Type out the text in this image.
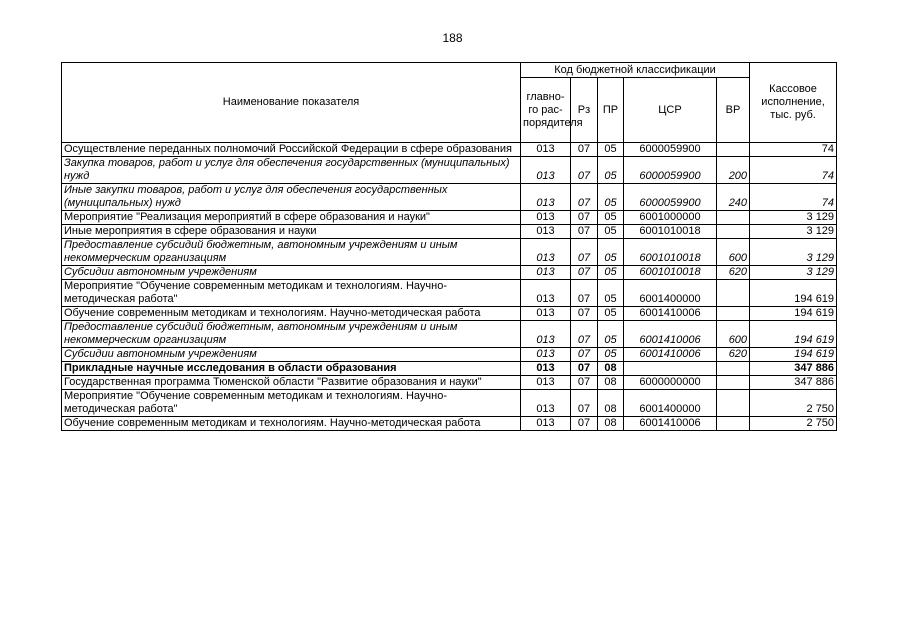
188
Наименование показателя	Код бюджетной классификации					Кассовое исполнение, тыс. руб.
	главно-го рас-порядителя	Рз	ПР	ЦСР	ВР	
Осуществление переданных полномочий Российской Федерации в сфере образования	013	07	05	6000059900		74
Закупка товаров, работ и услуг для обеспечения государственных (муниципальных) нужд	013	07	05	6000059900	200	74
Иные закупки товаров, работ и услуг для обеспечения государственных (муниципальных) нужд	013	07	05	6000059900	240	74
Мероприятие "Реализация мероприятий в сфере образования и науки"	013	07	05	6001000000		3 129
Иные мероприятия в сфере образования и науки	013	07	05	6001010018		3 129
Предоставление субсидий бюджетным, автономным учреждениям и иным некоммерческим организациям	013	07	05	6001010018	600	3 129
Субсидии автономным учреждениям	013	07	05	6001010018	620	3 129
Мероприятие "Обучение современным методикам и технологиям. Научно-методическая работа"	013	07	05	6001400000		194 619
Обучение современным методикам и технологиям. Научно-методическая работа	013	07	05	6001410006		194 619
Предоставление субсидий бюджетным, автономным учреждениям и иным некоммерческим организациям	013	07	05	6001410006	600	194 619
Субсидии автономным учреждениям	013	07	05	6001410006	620	194 619
Прикладные научные исследования в области образования	013	07	08			347 886
Государственная программа Тюменской области "Развитие образования и науки"	013	07	08	6000000000		347 886
Мероприятие "Обучение современным методикам и технологиям. Научно-методическая работа"	013	07	08	6001400000		2 750
Обучение современным методикам и технологиям. Научно-методическая работа	013	07	08	6001410006		2 750
